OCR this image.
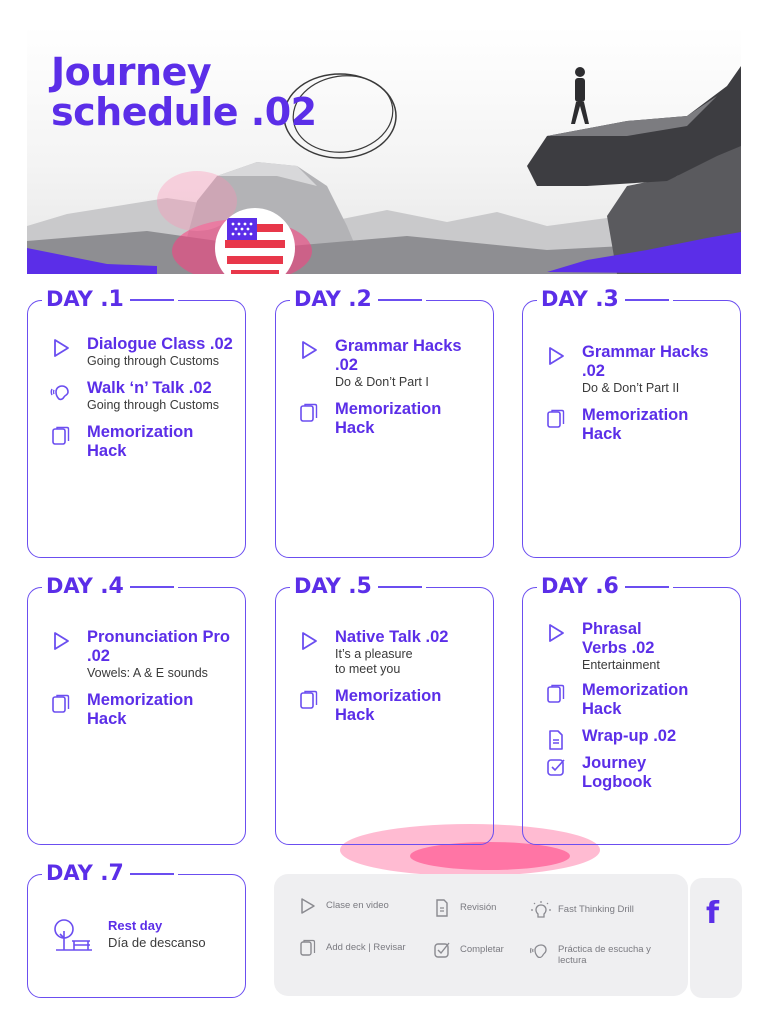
Journey
schedule .02
DAY .1
Dialogue Class .02
Going through Customs
Walk ‘n’ Talk .02
Going through Customs
Memorization Hack
DAY .2
Grammar Hacks .02
Do & Don’t Part I
Memorization Hack
DAY .3
Grammar Hacks .02
Do & Don’t Part II
Memorization Hack
DAY .4
Pronunciation Pro .02
Vowels: A & E sounds
Memorization Hack
DAY .5
Native Talk .02
It’s a pleasure to meet you
Memorization Hack
DAY .6
Phrasal Verbs .02
Entertainment
Memorization Hack
Wrap-up .02
Journey Logbook
DAY .7
Rest day
Día de descanso
Clase en video	Revisión	Fast Thinking Drill
Add deck | Revisar	Completar	Práctica de escucha y lectura
f
